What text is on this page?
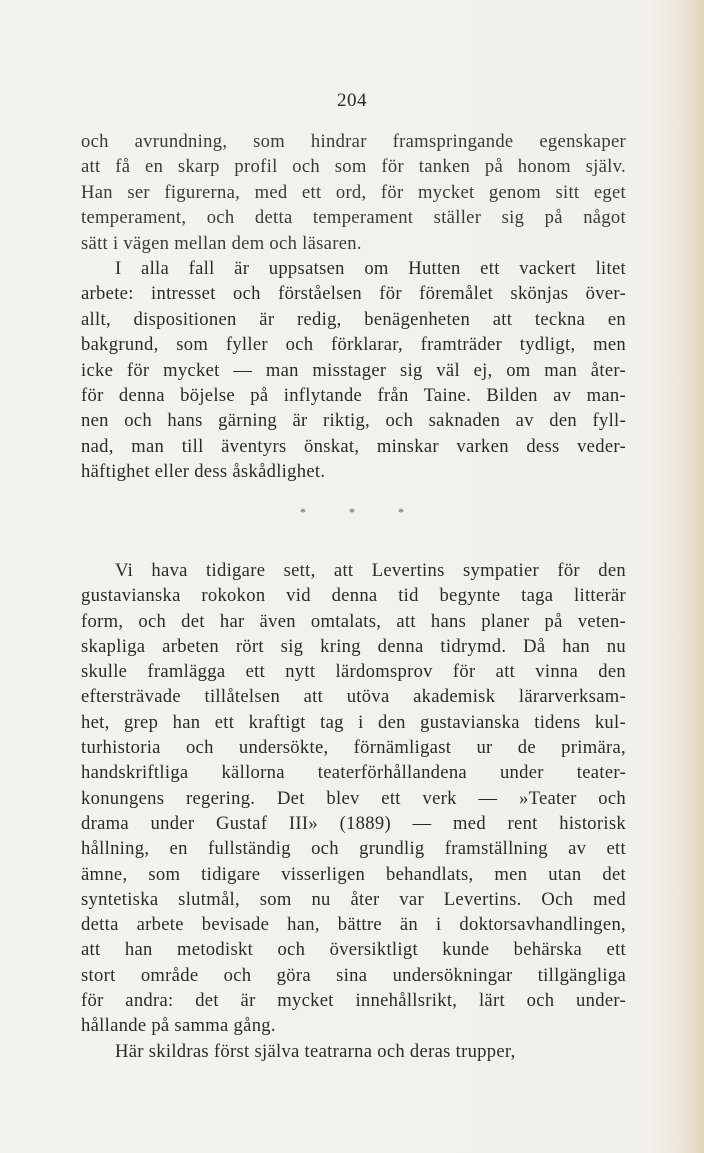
204
och avrundning, som hindrar framspringande egenskaper
att få en skarp profil och som för tanken på honom själv.
Han ser figurerna, med ett ord, för mycket genom sitt eget
temperament, och detta temperament ställer sig på något
sätt i vägen mellan dem och läsaren.
I alla fall är uppsatsen om Hutten ett vackert litet
arbete: intresset och förståelsen för föremålet skönjas över-
allt, dispositionen är redig, benägenheten att teckna en
bakgrund, som fyller och förklarar, framträder tydligt, men
icke för mycket — man misstager sig väl ej, om man åter-
för denna böjelse på inflytande från Taine. Bilden av man-
nen och hans gärning är riktig, och saknaden av den fyll-
nad, man till äventyrs önskat, minskar varken dess veder-
häftighet eller dess åskådlighet.
*	*	*
Vi hava tidigare sett, att Levertins sympatier för den
gustavianska rokokon vid denna tid begynte taga litterär
form, och det har även omtalats, att hans planer på veten-
skapliga arbeten rört sig kring denna tidrymd. Då han nu
skulle framlägga ett nytt lärdomsprov för att vinna den
eftersträvade tillåtelsen att utöva akademisk lärarverksam-
het, grep han ett kraftigt tag i den gustavianska tidens kul-
turhistoria och undersökte, förnämligast ur de primära,
handskriftliga källorna teaterförhållandena under teater-
konungens regering. Det blev ett verk — »Teater och
drama under Gustaf III» (1889) — med rent historisk
hållning, en fullständig och grundlig framställning av ett
ämne, som tidigare visserligen behandlats, men utan det
syntetiska slutmål, som nu åter var Levertins. Och med
detta arbete bevisade han, bättre än i doktorsavhandlingen,
att han metodiskt och översiktligt kunde behärska ett
stort område och göra sina undersökningar tillgängliga
för andra: det är mycket innehållsrikt, lärt och under-
hållande på samma gång.
Här skildras först själva teatrarna och deras trupper,
